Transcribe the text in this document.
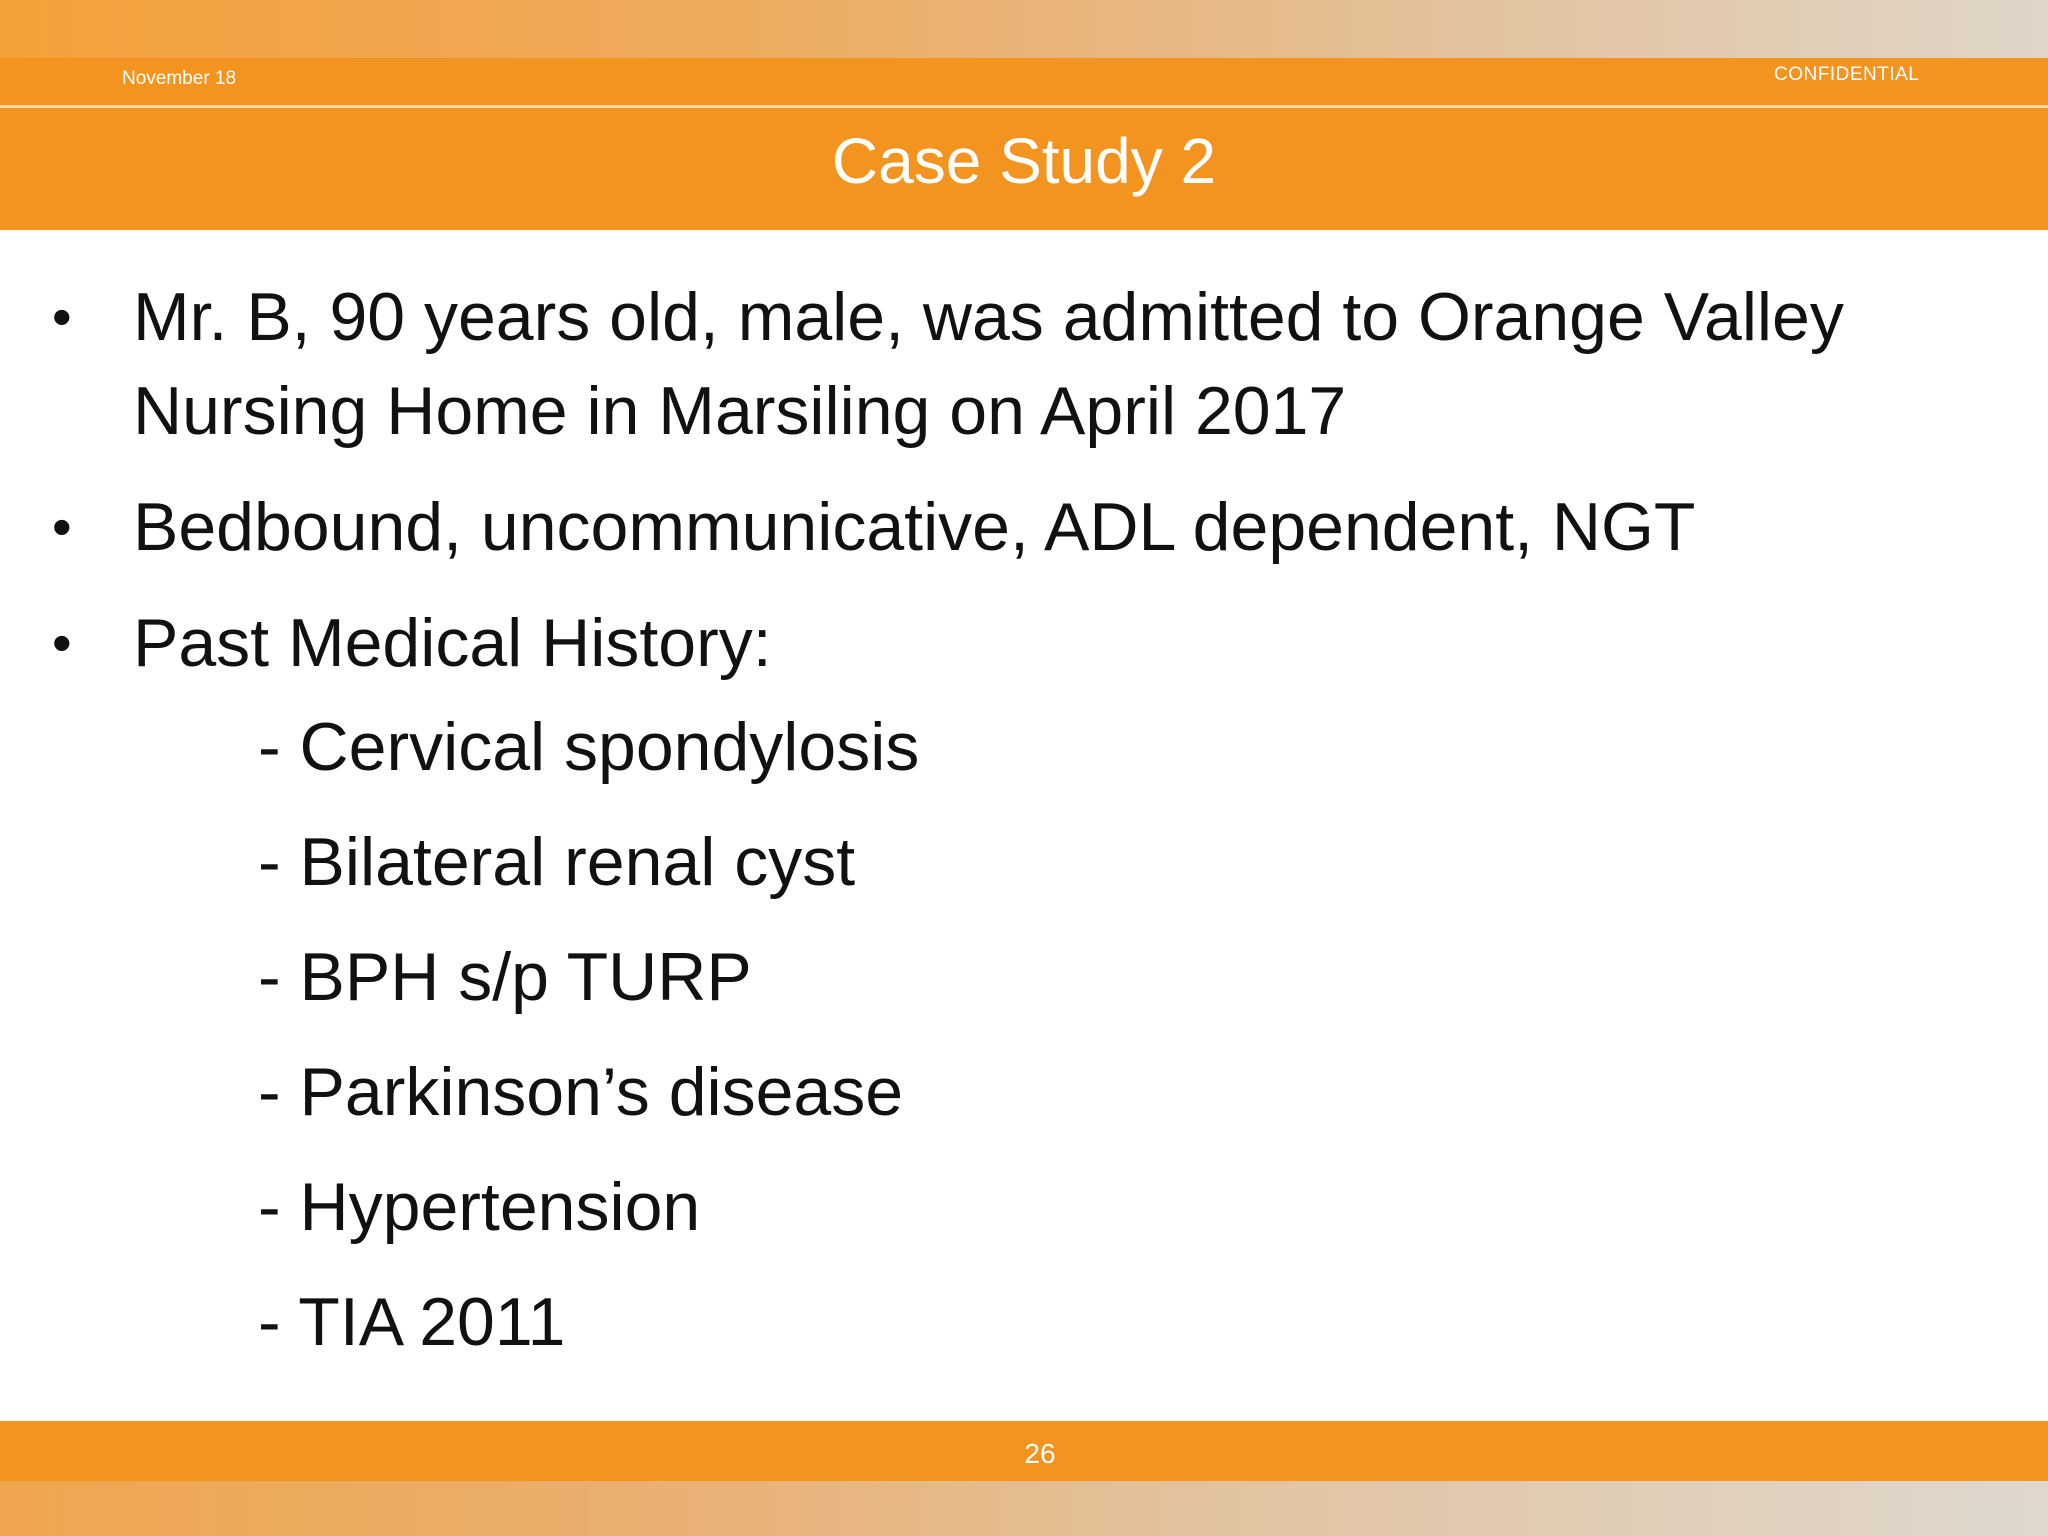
November 18	CONFIDENTIAL
Case Study 2
• Mr. B, 90 years old, male, was admitted to Orange Valley Nursing Home in Marsiling on April 2017
• Bedbound, uncommunicative, ADL dependent, NGT
• Past Medical History:
- Cervical spondylosis
- Bilateral renal cyst
- BPH s/p TURP
- Parkinson’s disease
- Hypertension
- TIA 2011
26
